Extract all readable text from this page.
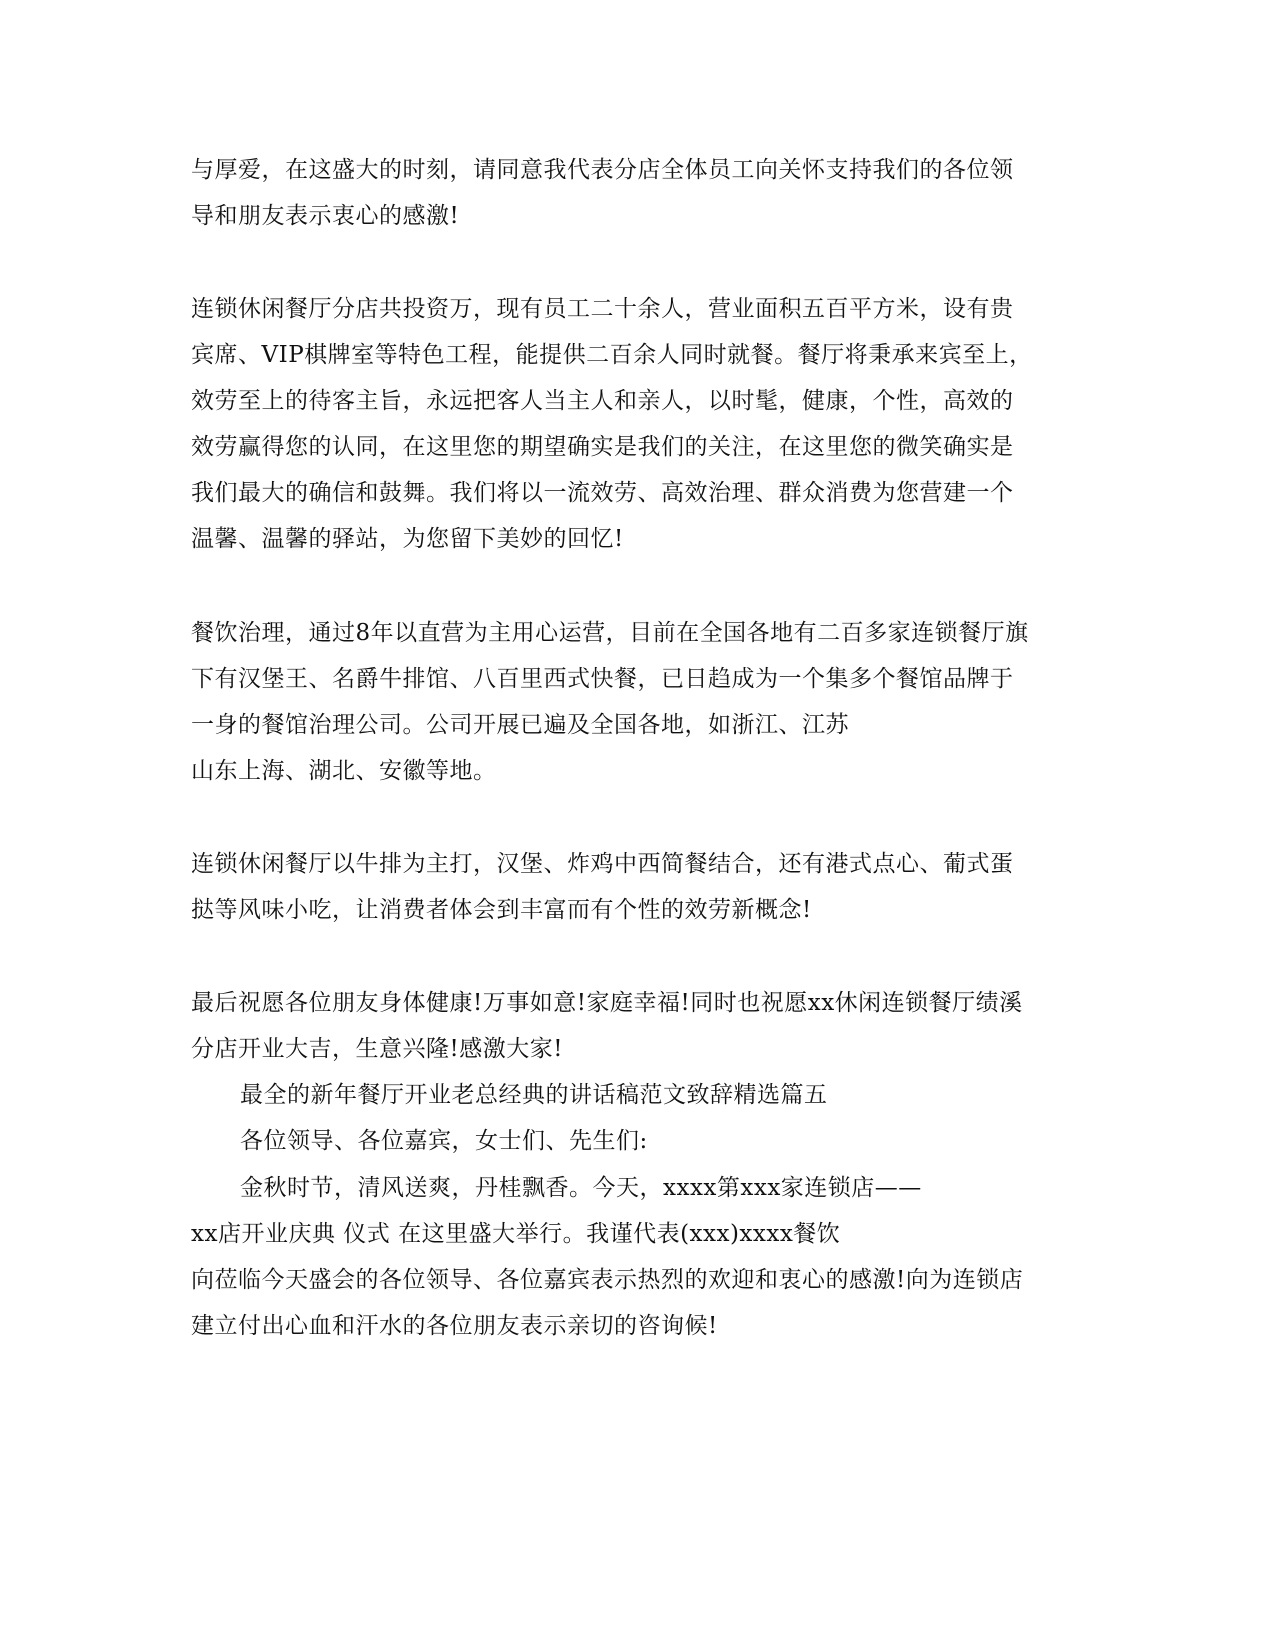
与厚爱，在这盛大的时刻，请同意我代表分店全体员工向关怀支持我们的各位领
导和朋友表示衷心的感激!
连锁休闲餐厅分店共投资万，现有员工二十余人，营业面积五百平方米，设有贵
宾席、VIP棋牌室等特色工程，能提供二百余人同时就餐。餐厅将秉承来宾至上，
效劳至上的待客主旨，永远把客人当主人和亲人，以时髦，健康，个性，高效的
效劳赢得您的认同，在这里您的期望确实是我们的关注，在这里您的微笑确实是
我们最大的确信和鼓舞。我们将以一流效劳、高效治理、群众消费为您营建一个
温馨、温馨的驿站，为您留下美妙的回忆!
餐饮治理，通过8年以直营为主用心运营，目前在全国各地有二百多家连锁餐厅旗
下有汉堡王、名爵牛排馆、八百里西式快餐，已日趋成为一个集多个餐馆品牌于
一身的餐馆治理公司。公司开展已遍及全国各地，如浙江、江苏
山东上海、湖北、安徽等地。
连锁休闲餐厅以牛排为主打，汉堡、炸鸡中西简餐结合，还有港式点心、葡式蛋
挞等风味小吃，让消费者体会到丰富而有个性的效劳新概念!
最后祝愿各位朋友身体健康!万事如意!家庭幸福!同时也祝愿xx休闲连锁餐厅绩溪
分店开业大吉，生意兴隆!感激大家!
最全的新年餐厅开业老总经典的讲话稿范文致辞精选篇五
各位领导、各位嘉宾，女士们、先生们:
金秋时节，清风送爽，丹桂飘香。今天，xxxx第xxx家连锁店——
xx店开业庆典 仪式 在这里盛大举行。我谨代表(xxx)xxxx餐饮
向莅临今天盛会的各位领导、各位嘉宾表示热烈的欢迎和衷心的感激!向为连锁店
建立付出心血和汗水的各位朋友表示亲切的咨询候!
